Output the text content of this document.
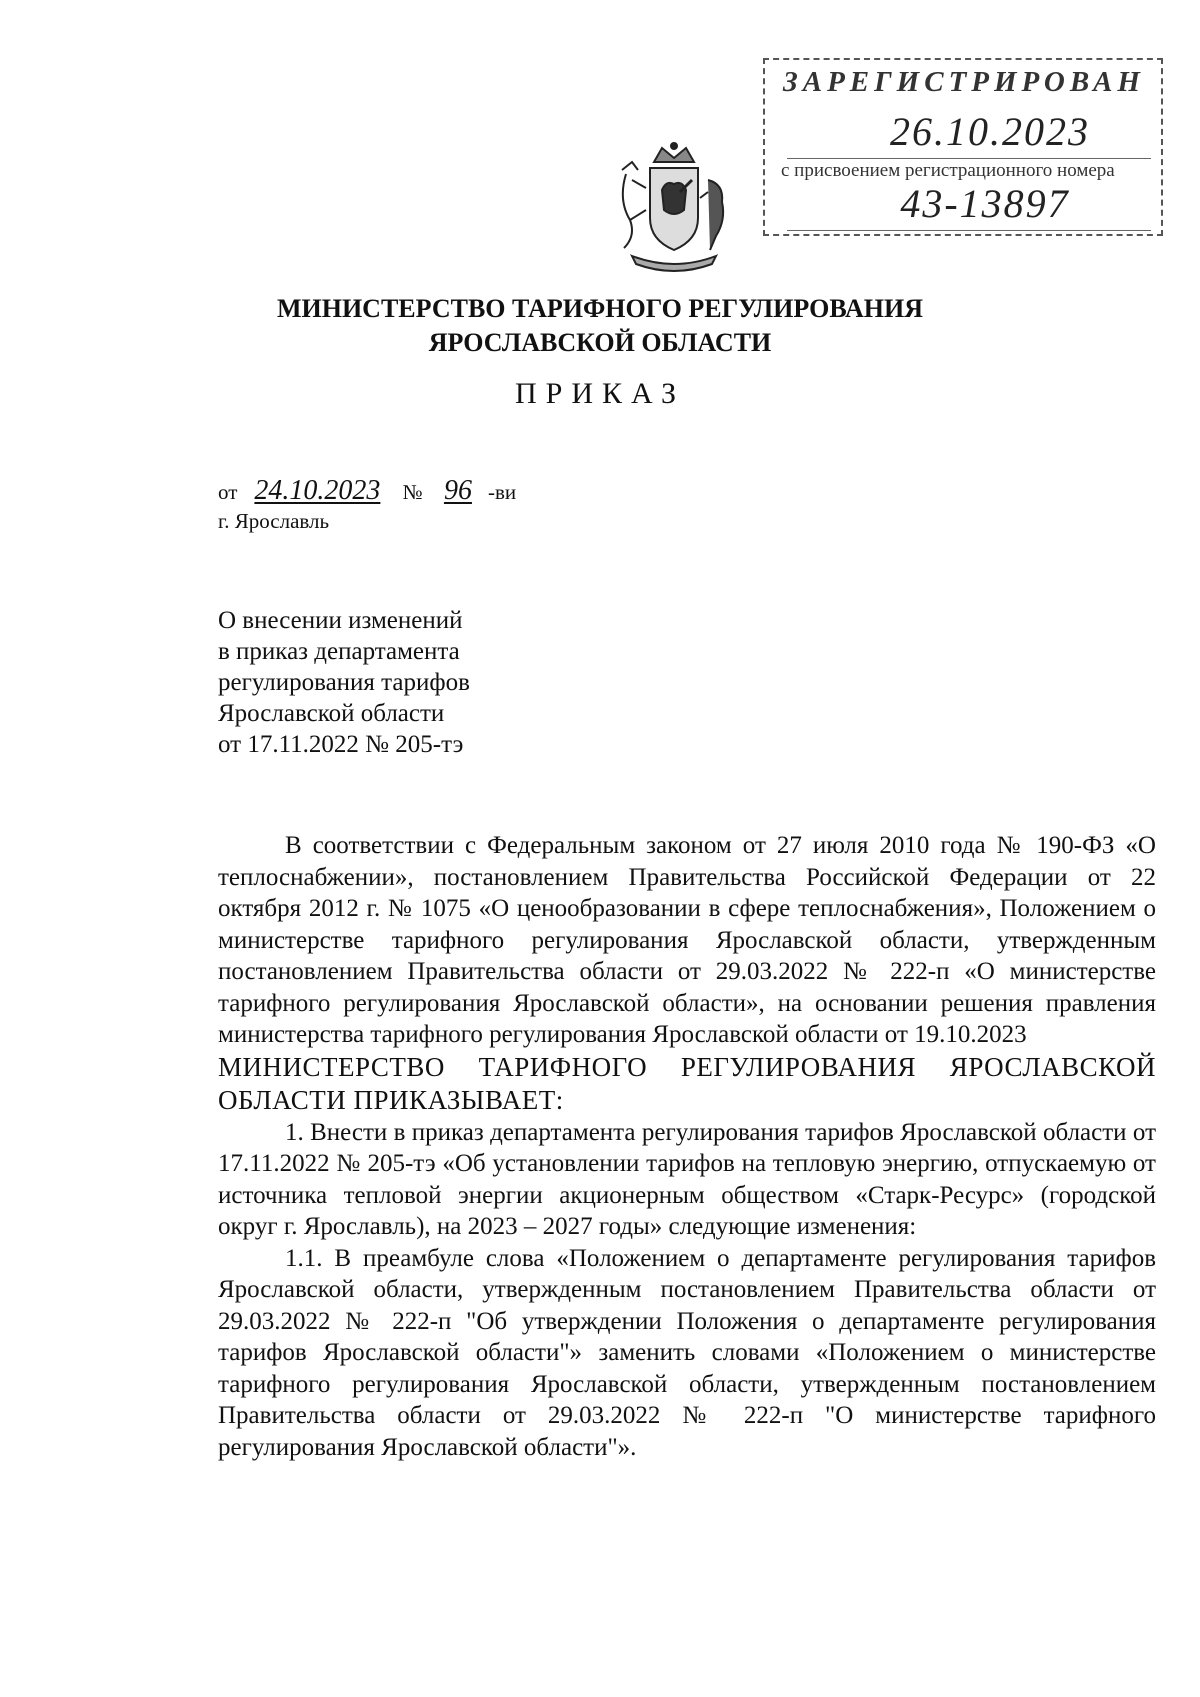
ЗАРЕГИСТРИРОВАН
26.10.2023
с присвоением регистрационного номера
43-13897
МИНИСТЕРСТВО ТАРИФНОГО РЕГУЛИРОВАНИЯ
ЯРОСЛАВСКОЙ ОБЛАСТИ
ПРИКАЗ
от 24.10.2023 № 96 -ви
г. Ярославль
О внесении изменений
в приказ департамента
регулирования тарифов
Ярославской области
от 17.11.2022 № 205-тэ

В соответствии с Федеральным законом от 27 июля 2010 года № 190-ФЗ «О теплоснабжении», постановлением Правительства Российской Федерации от 22 октября 2012 г. № 1075 «О ценообразовании в сфере теплоснабжения», Положением о министерстве тарифного регулирования Ярославской области, утвержденным постановлением Правительства области от 29.03.2022 № 222-п «О министерстве тарифного регулирования Ярославской области», на основании решения правления министерства тарифного регулирования Ярославской области от 19.10.2023

МИНИСТЕРСТВО ТАРИФНОГО РЕГУЛИРОВАНИЯ ЯРОСЛАВСКОЙ ОБЛАСТИ ПРИКАЗЫВАЕТ:

1. Внести в приказ департамента регулирования тарифов Ярославской области от 17.11.2022 № 205-тэ «Об установлении тарифов на тепловую энергию, отпускаемую от источника тепловой энергии акционерным обществом «Старк-Ресурс» (городской округ г. Ярославль), на 2023 – 2027 годы» следующие изменения:

1.1. В преамбуле слова «Положением о департаменте регулирования тарифов Ярославской области, утвержденным постановлением Правительства области от 29.03.2022 № 222-п "Об утверждении Положения о департаменте регулирования тарифов Ярославской области"» заменить словами «Положением о министерстве тарифного регулирования Ярославской области, утвержденным постановлением Правительства области от 29.03.2022 № 222-п "О министерстве тарифного регулирования Ярославской области"».
